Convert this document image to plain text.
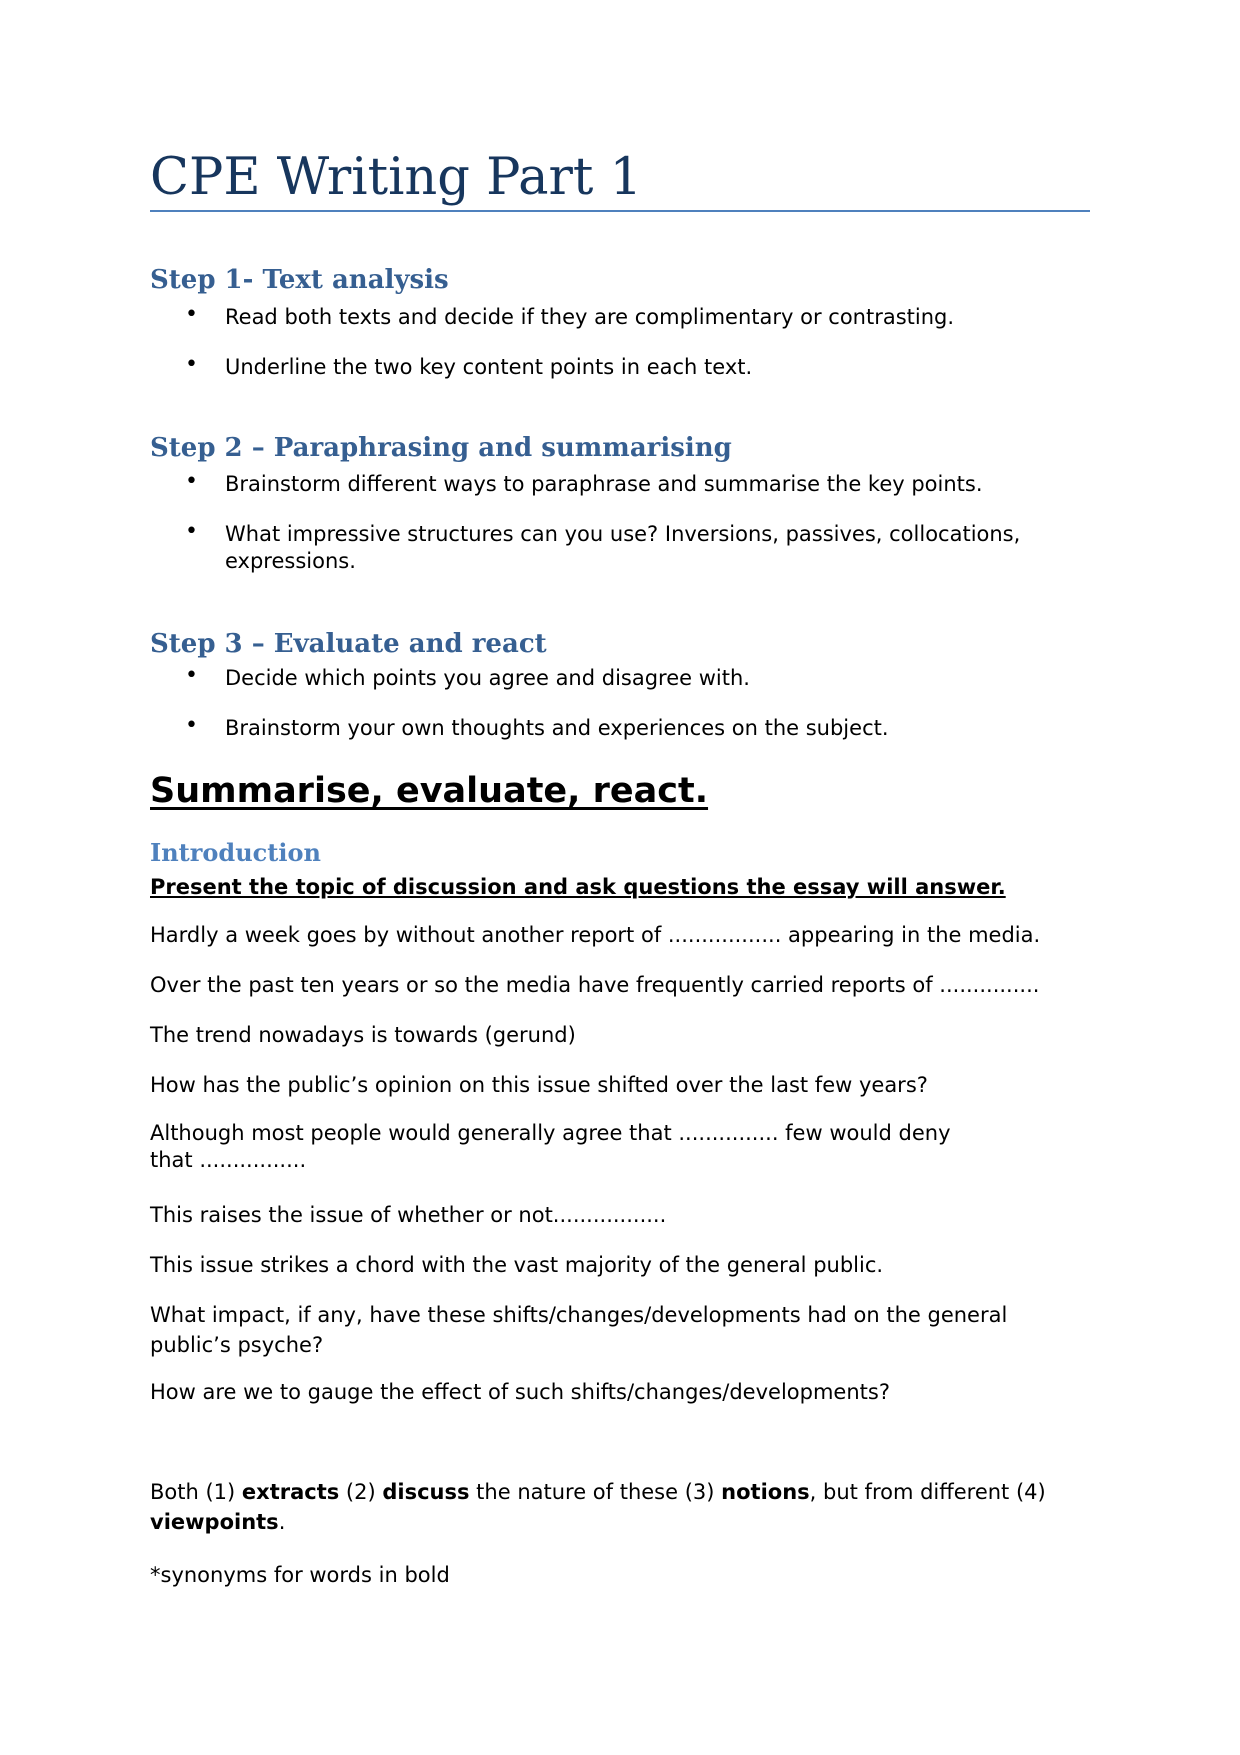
CPE Writing Part 1
Step 1- Text analysis
• Read both texts and decide if they are complimentary or contrasting.
• Underline the two key content points in each text.
Step 2 – Paraphrasing and summarising
• Brainstorm different ways to paraphrase and summarise the key points.
• What impressive structures can you use? Inversions, passives, collocations, expressions.
Step 3 – Evaluate and react
• Decide which points you agree and disagree with.
• Brainstorm your own thoughts and experiences on the subject.
Summarise, evaluate, react.
Introduction
Present the topic of discussion and ask questions the essay will answer.
Hardly a week goes by without another report of ................. appearing in the media.
Over the past ten years or so the media have frequently carried reports of ...............
The trend nowadays is towards (gerund)
How has the public’s opinion on this issue shifted over the last few years?
Although most people would generally agree that ............... few would deny that ................
This raises the issue of whether or not.................
This issue strikes a chord with the vast majority of the general public.
What impact, if any, have these shifts/changes/developments had on the general public’s psyche?
How are we to gauge the effect of such shifts/changes/developments?
Both (1) extracts (2) discuss the nature of these (3) notions, but from different (4) viewpoints.
*synonyms for words in bold
